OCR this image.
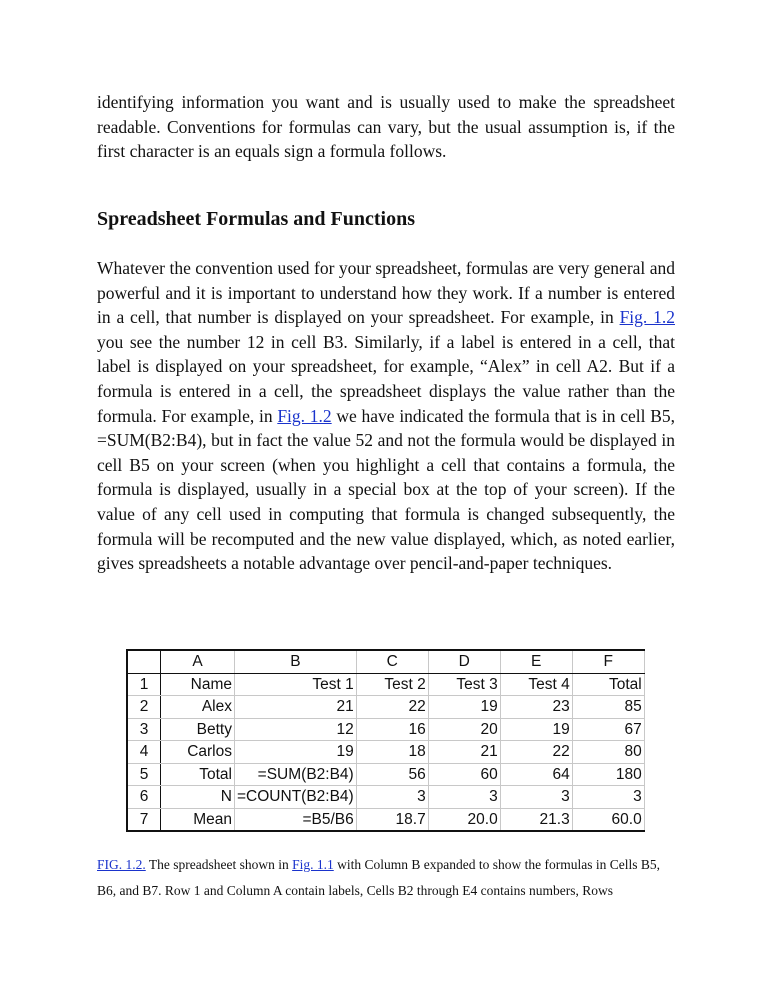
identifying information you want and is usually used to make the spreadsheet readable. Conventions for formulas can vary, but the usual assumption is, if the first character is an equals sign a formula follows.

Spreadsheet Formulas and Functions

Whatever the convention used for your spreadsheet, formulas are very general and powerful and it is important to understand how they work. If a number is entered in a cell, that number is displayed on your spreadsheet. For example, in Fig. 1.2 you see the number 12 in cell B3. Similarly, if a label is entered in a cell, that label is displayed on your spreadsheet, for example, “Alex” in cell A2. But if a formula is entered in a cell, the spreadsheet displays the value rather than the formula. For example, in Fig. 1.2 we have indicated the formula that is in cell B5, =SUM(B2:B4), but in fact the value 52 and not the formula would be displayed in cell B5 on your screen (when you highlight a cell that contains a formula, the formula is displayed, usually in a special box at the top of your screen). If the value of any cell used in computing that formula is changed subsequently, the formula will be recomputed and the new value displayed, which, as noted earlier, gives spreadsheets a notable advantage over pencil-and-paper techniques.

	A	B	C	D	E	F
1	Name	Test 1	Test 2	Test 3	Test 4	Total
2	Alex	21	22	19	23	85
3	Betty	12	16	20	19	67
4	Carlos	19	18	21	22	80
5	Total	=SUM(B2:B4)	56	60	64	180
6	N	=COUNT(B2:B4)	3	3	3	3
7	Mean	=B5/B6	18.7	20.0	21.3	60.0
FIG. 1.2. The spreadsheet shown in Fig. 1.1 with Column B expanded to show the formulas in Cells B5, B6, and B7. Row 1 and Column A contain labels, Cells B2 through E4 contains numbers, Rows
